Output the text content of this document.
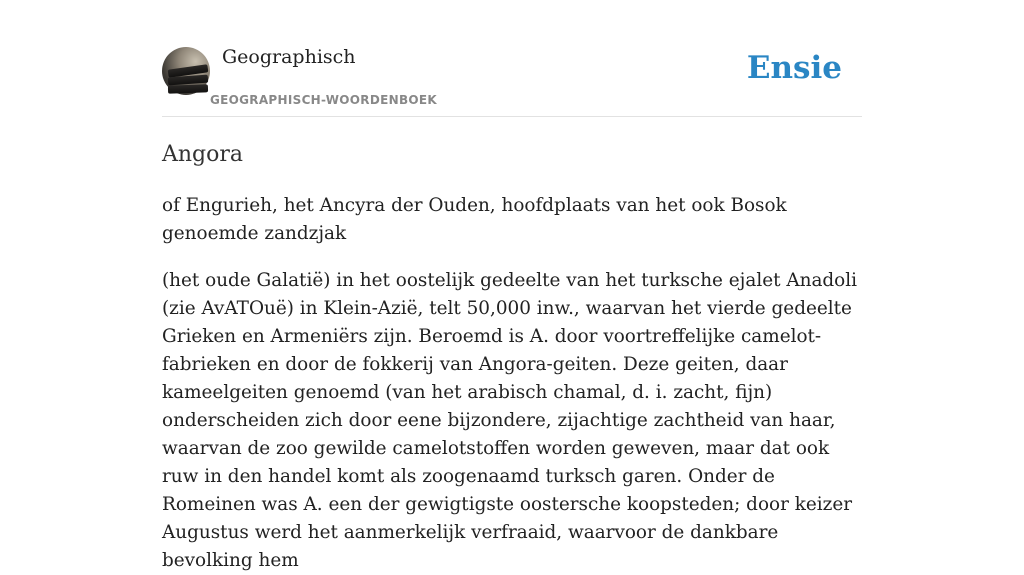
Geographisch
GEOGRAPHISCH-WOORDENBOEK
Ensie
Angora

of Engurieh, het Ancyra der Ouden, hoofdplaats van het ook Bosok genoemde zandzjak

(het oude Galatië) in het oostelijk gedeelte van het turksche ejalet Anadoli (zie AvATOuë) in Klein-Azië, telt 50,000 inw., waarvan het vierde gedeelte Grieken en Armeniërs zijn. Beroemd is A. door voortreffelijke camelot-fabrieken en door de fokkerij van Angora-geiten. Deze geiten, daar kameelgeiten genoemd (van het arabisch chamal, d. i. zacht, fijn) onderscheiden zich door eene bijzondere, zijachtige zachtheid van haar, waarvan de zoo gewilde camelotstoffen worden geweven, maar dat ook ruw in den handel komt als zoogenaamd turksch garen. Onder de Romeinen was A. een der gewigtigste oostersche koopsteden; door keizer Augustus werd het aanmerkelijk verfraaid, waarvoor de dankbare bevolking hem
